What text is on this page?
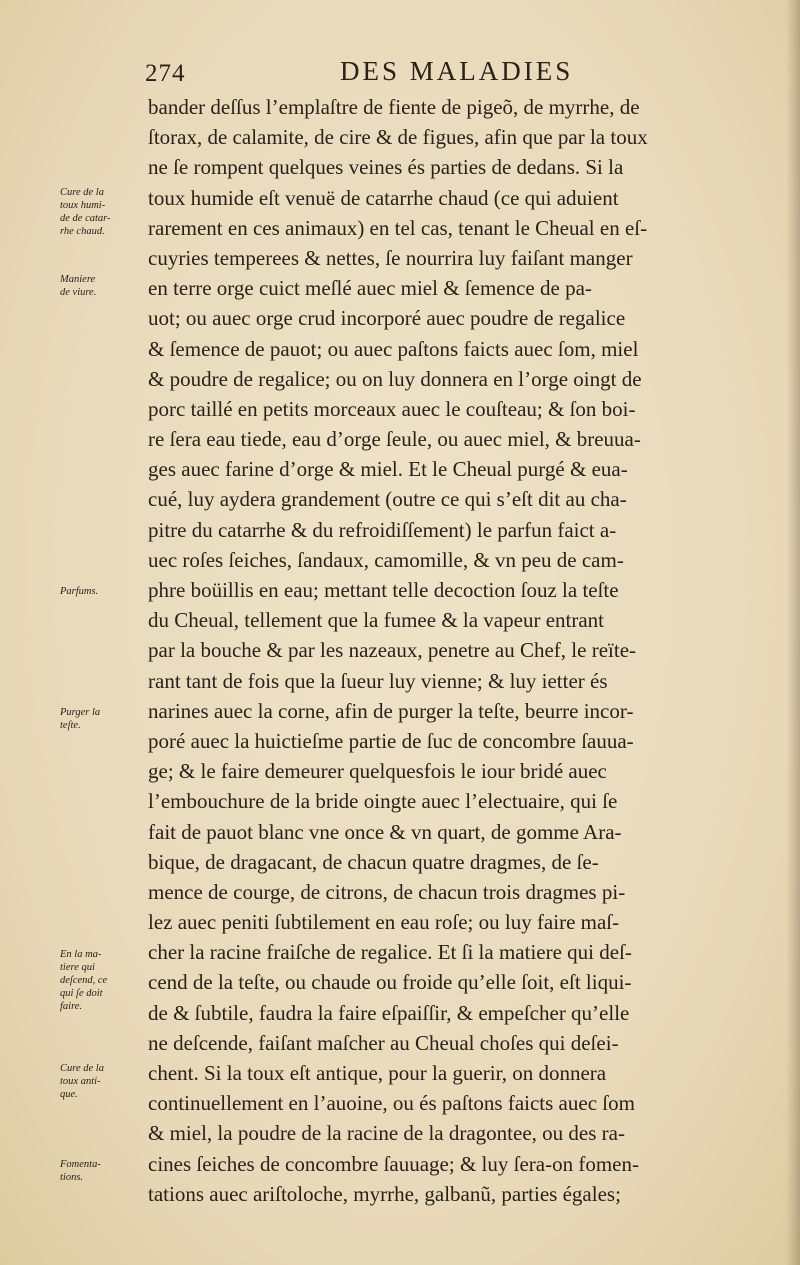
274	DES MALADIES
bander deſſus l’emplaſtre de fiente de pigeõ, de myrrhe, de
ſtorax, de calamite, de cire & de figues, afin que par la toux
ne ſe rompent quelques veines és parties de dedans. Si la
toux humide eſt venuë de catarrhe chaud (ce qui aduient
rarement en ces animaux) en tel cas, tenant le Cheual en eſ-
cuyries temperees & nettes, ſe nourrira luy faiſant manger
en terre orge cuict meſlé auec miel & ſemence de pa-
uot; ou auec orge crud incorporé auec poudre de regalice
& ſemence de pauot; ou auec paſtons faicts auec ſom, miel
& poudre de regalice; ou on luy donnera en l’orge oingt de
porc taillé en petits morceaux auec le couſteau; & ſon boi-
re ſera eau tiede, eau d’orge ſeule, ou auec miel, & breuua-
ges auec farine d’orge & miel. Et le Cheual purgé & eua-
cué, luy aydera grandement (outre ce qui s’eſt dit au cha-
pitre du catarrhe & du refroidiſſement) le parfun faict a-
uec roſes ſeiches, ſandaux, camomille, & vn peu de cam-
phre boüillis en eau; mettant telle decoction ſouz la teſte
du Cheual, tellement que la fumee & la vapeur entrant
par la bouche & par les nazeaux, penetre au Chef, le reïte-
rant tant de fois que la ſueur luy vienne; & luy ietter és
narines auec la corne, afin de purger la teſte, beurre incor-
poré auec la huictieſme partie de ſuc de concombre ſauua-
ge; & le faire demeurer quelquesfois le iour bridé auec
l’embouchure de la bride oingte auec l’electuaire, qui ſe
fait de pauot blanc vne once & vn quart, de gomme Ara-
bique, de dragacant, de chacun quatre dragmes, de ſe-
mence de courge, de citrons, de chacun trois dragmes pi-
lez auec peniti ſubtilement en eau roſe; ou luy faire maſ-
cher la racine fraiſche de regalice. Et ſi la matiere qui deſ-
cend de la teſte, ou chaude ou froide qu’elle ſoit, eſt liqui-
de & ſubtile, faudra la faire eſpaiſſir, & empeſcher qu’elle
ne deſcende, faiſant maſcher au Cheual choſes qui deſei-
chent. Si la toux eſt antique, pour la guerir, on donnera
continuellement en l’auoine, ou és paſtons faicts auec ſom
& miel, la poudre de la racine de la dragontee, ou des ra-
cines ſeiches de concombre ſauuage; & luy ſera-on fomen-
tations auec ariſtoloche, myrrhe, galbanũ, parties égales;
Cure de la
toux humi-
de de catar-
rhe chaud.
Maniere
de viure.
Parfums.
Purger la
teſte.
En la ma-
tiere qui
deſcend, ce
qui ſe doit
faire.
Cure de la
toux anti-
que.
Fomenta-
tions.
